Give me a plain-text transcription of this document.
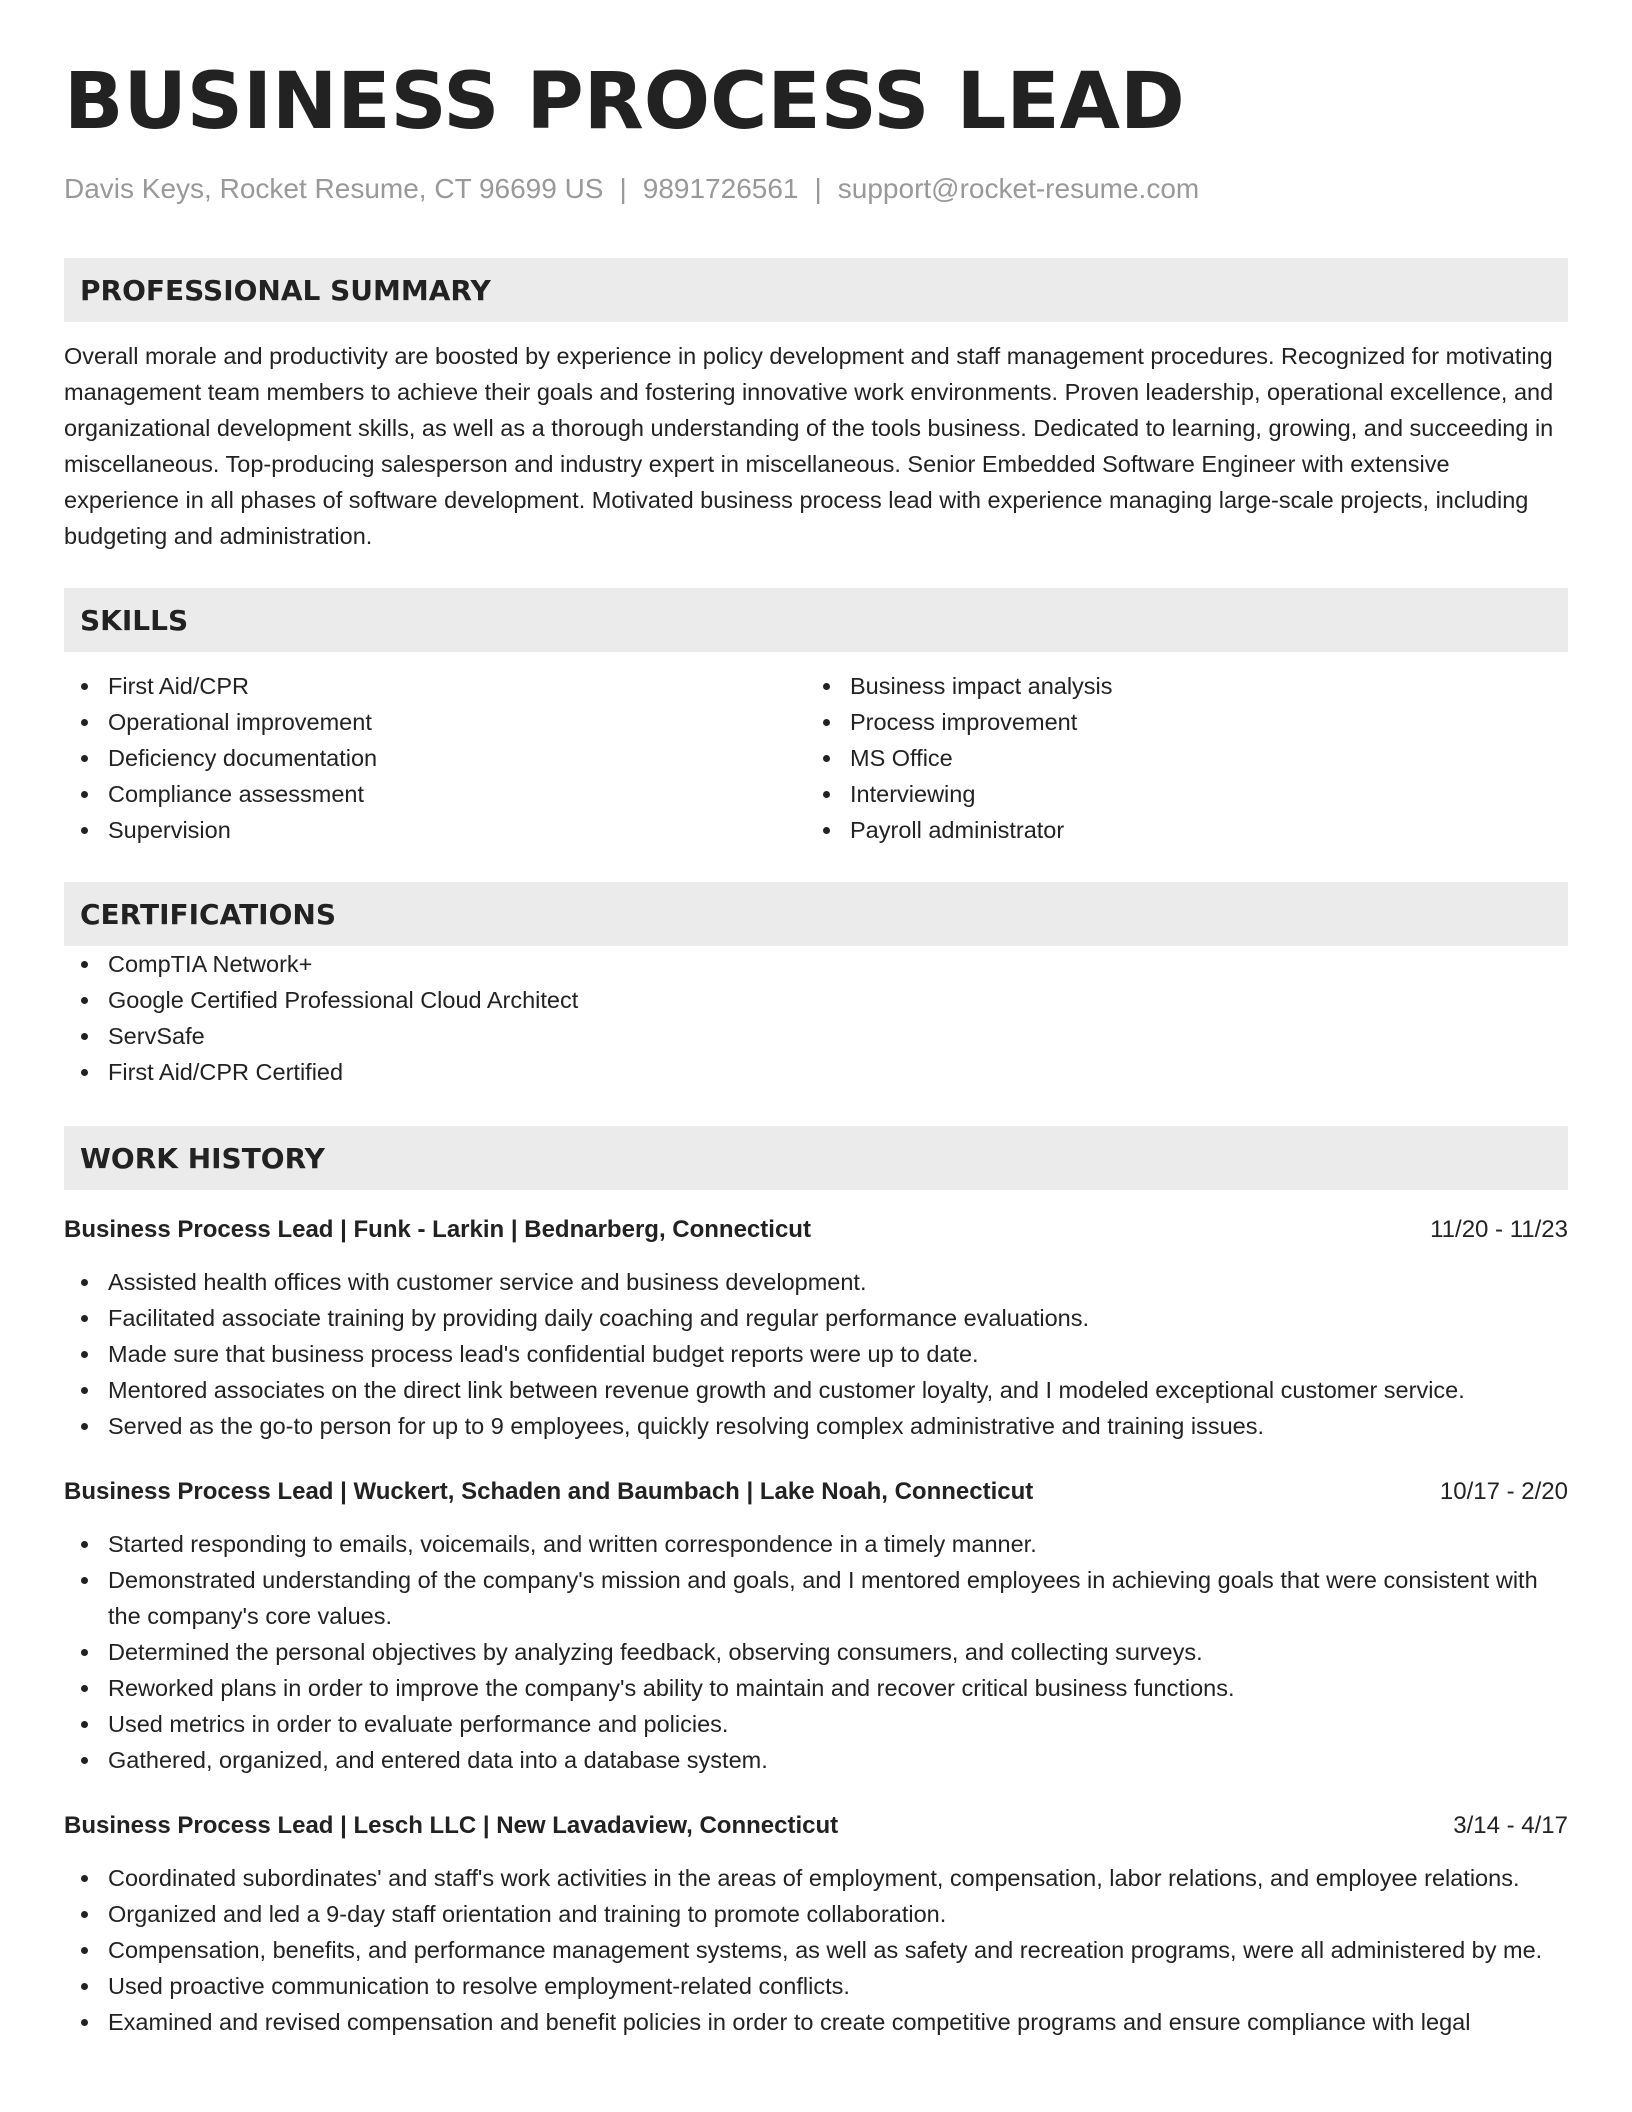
BUSINESS PROCESS LEAD
Davis Keys, Rocket Resume, CT 96699 US | 9891726561 | support@rocket-resume.com
PROFESSIONAL SUMMARY

Overall morale and productivity are boosted by experience in policy development and staff management procedures. Recognized for motivating management team members to achieve their goals and fostering innovative work environments. Proven leadership, operational excellence, and organizational development skills, as well as a thorough understanding of the tools business. Dedicated to learning, growing, and succeeding in miscellaneous. Top-producing salesperson and industry expert in miscellaneous. Senior Embedded Software Engineer with extensive experience in all phases of software development. Motivated business process lead with experience managing large-scale projects, including budgeting and administration.

SKILLS
First Aid/CPR
Operational improvement
Deficiency documentation
Compliance assessment
Supervision
Business impact analysis
Process improvement
MS Office
Interviewing
Payroll administrator
CERTIFICATIONS
CompTIA Network+
Google Certified Professional Cloud Architect
ServSafe
First Aid/CPR Certified
WORK HISTORY
Business Process Lead | Funk - Larkin | Bednarberg, Connecticut	11/20 - 11/23
Assisted health offices with customer service and business development.
Facilitated associate training by providing daily coaching and regular performance evaluations.
Made sure that business process lead's confidential budget reports were up to date.
Mentored associates on the direct link between revenue growth and customer loyalty, and I modeled exceptional customer service.
Served as the go-to person for up to 9 employees, quickly resolving complex administrative and training issues.
Business Process Lead | Wuckert, Schaden and Baumbach | Lake Noah, Connecticut	10/17 - 2/20
Started responding to emails, voicemails, and written correspondence in a timely manner.
Demonstrated understanding of the company's mission and goals, and I mentored employees in achieving goals that were consistent with the company's core values.
Determined the personal objectives by analyzing feedback, observing consumers, and collecting surveys.
Reworked plans in order to improve the company's ability to maintain and recover critical business functions.
Used metrics in order to evaluate performance and policies.
Gathered, organized, and entered data into a database system.
Business Process Lead | Lesch LLC | New Lavadaview, Connecticut	3/14 - 4/17
Coordinated subordinates' and staff's work activities in the areas of employment, compensation, labor relations, and employee relations.
Organized and led a 9-day staff orientation and training to promote collaboration.
Compensation, benefits, and performance management systems, as well as safety and recreation programs, were all administered by me.
Used proactive communication to resolve employment-related conflicts.
Examined and revised compensation and benefit policies in order to create competitive programs and ensure compliance with legal
